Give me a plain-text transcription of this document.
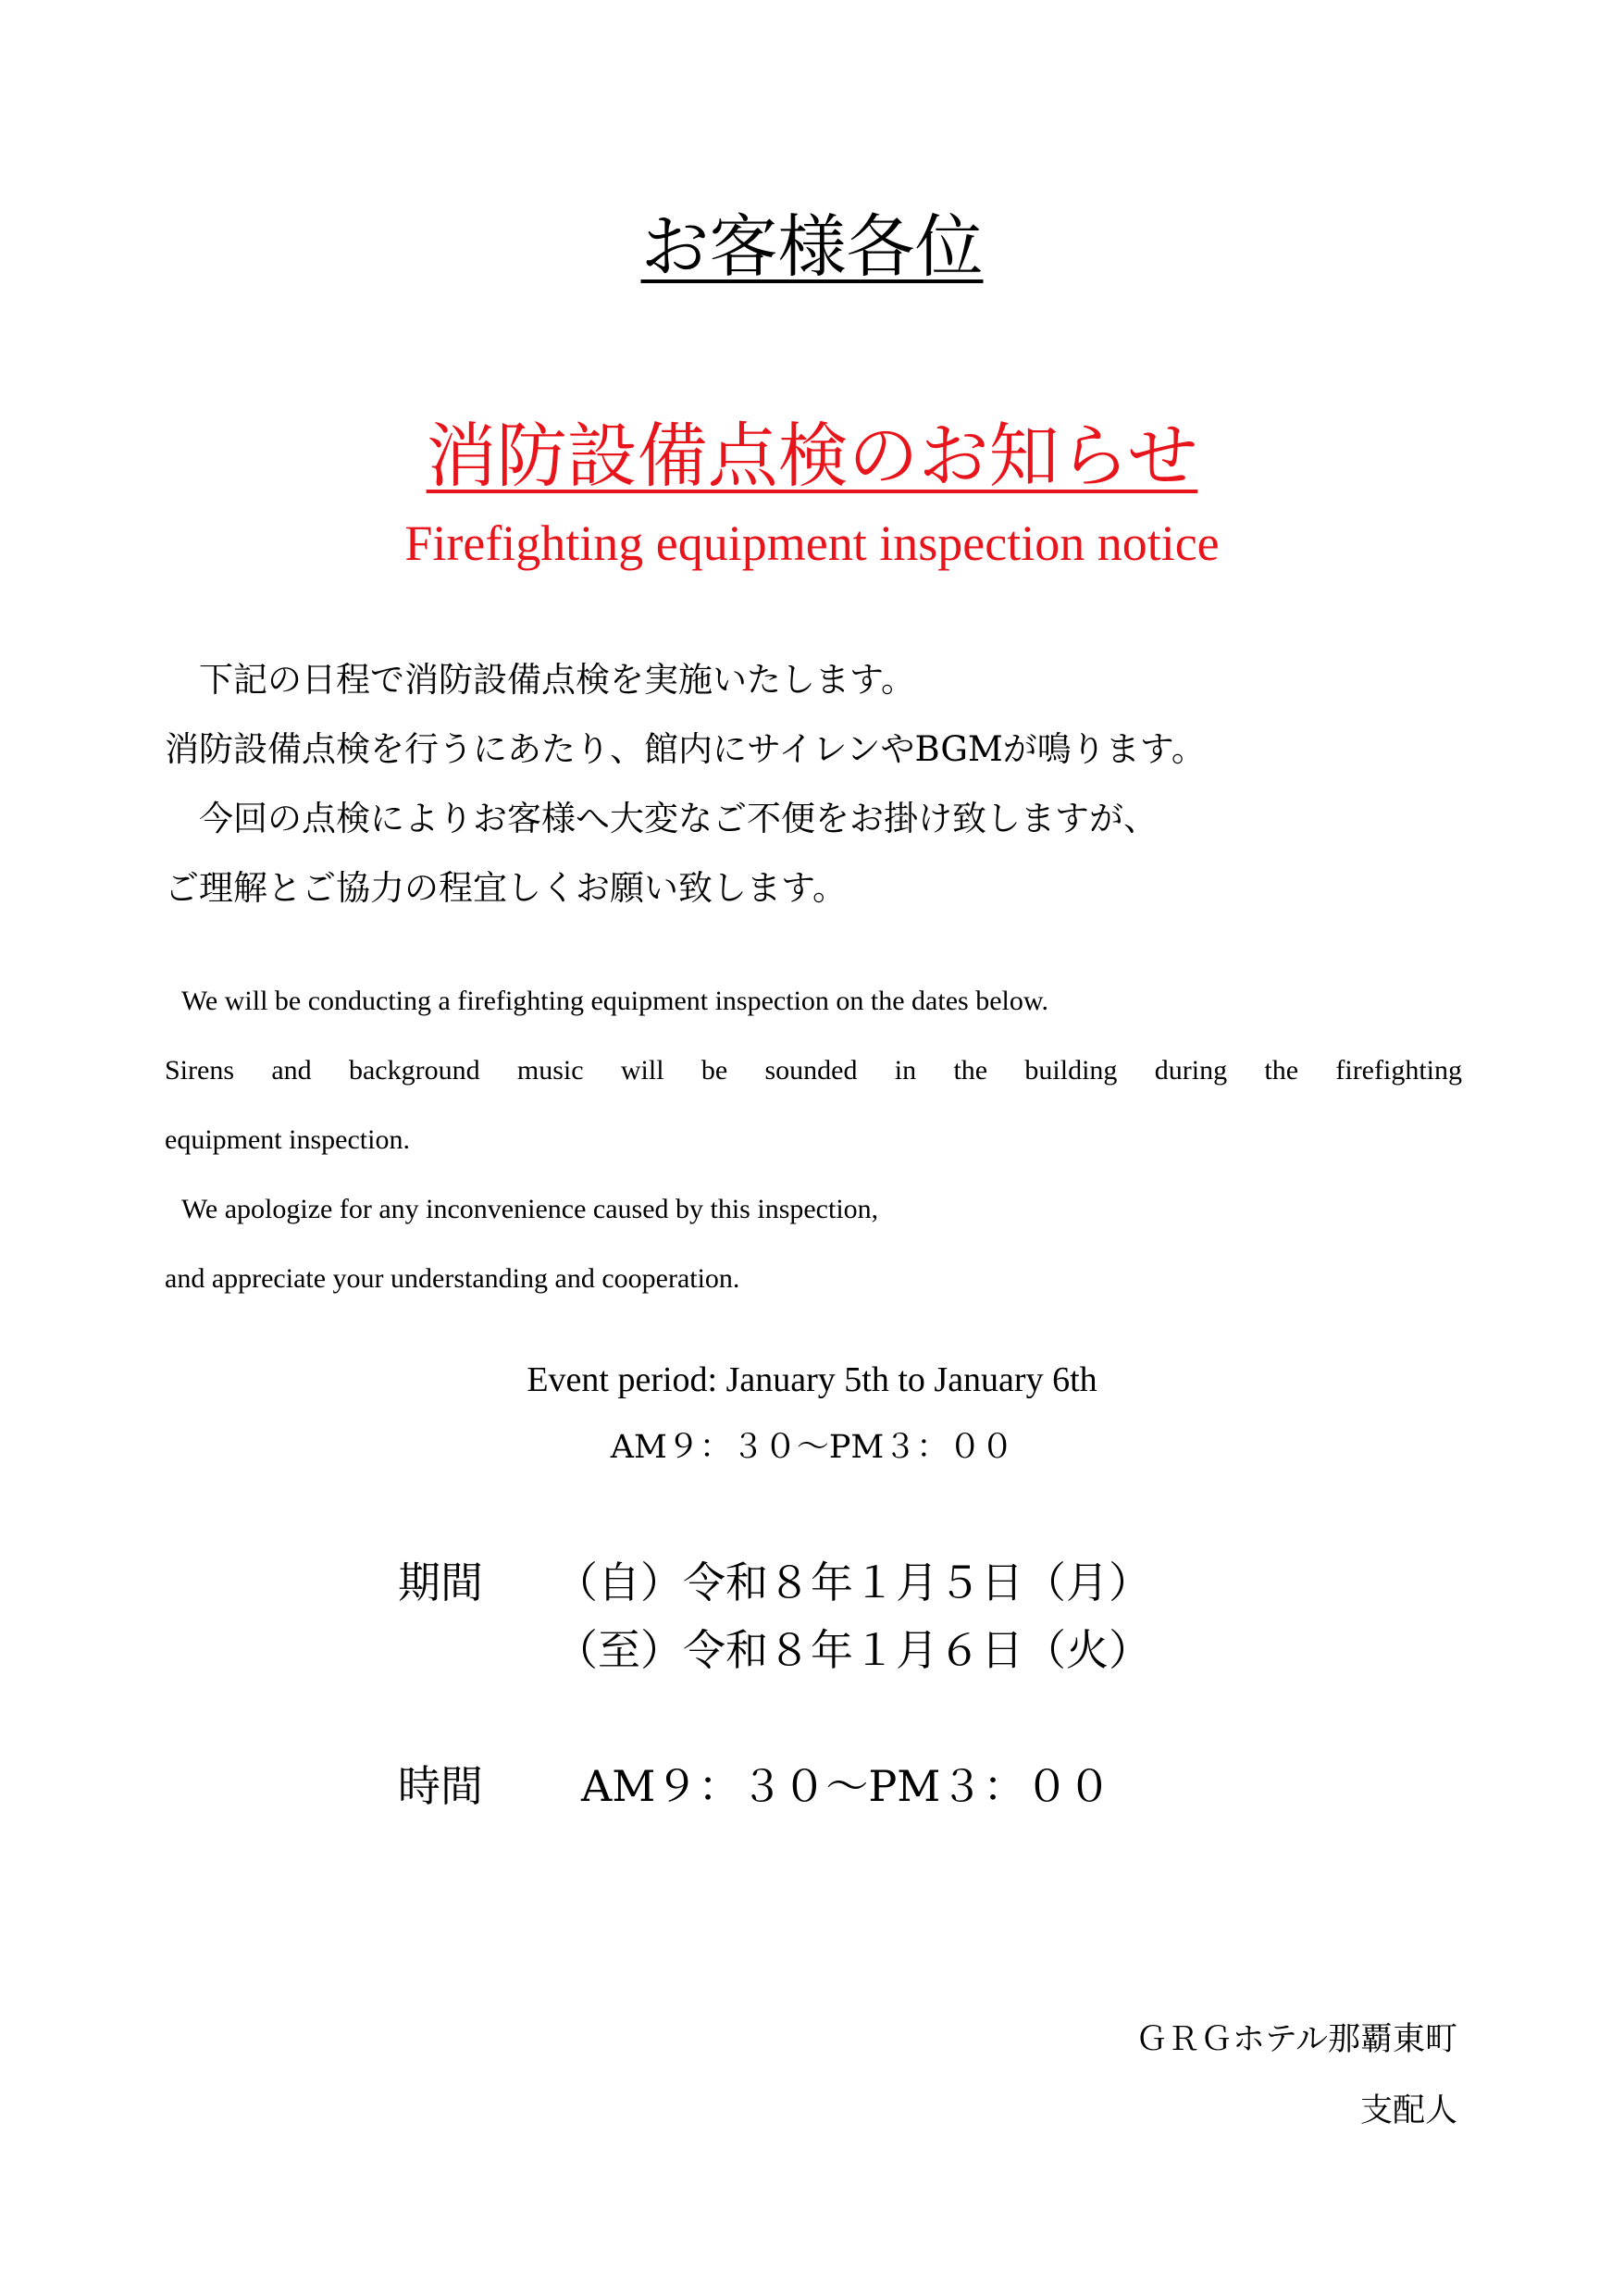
お客様各位

消防設備点検のお知らせ

Firefighting equipment inspection notice

　下記の日程で消防設備点検を実施いたします。

消防設備点検を行うにあたり、館内にサイレンやBGMが鳴ります。

　今回の点検によりお客様へ大変なご不便をお掛け致しますが、

ご理解とご協力の程宜しくお願い致します。

We will be conducting a firefighting equipment inspection on the dates below.

Sirens and background music will be sounded in the building during the firefighting

equipment inspection.

We apologize for any inconvenience caused by this inspection,

and appreciate your understanding and cooperation.

Event period: January 5th to January 6th

AM９：３０～PM３：００

期間 （自）令和８年１月５日（月）

（至）令和８年１月６日（火）

時間 AM９：３０～PM３：００

ＧＲＧホテル那覇東町

支配人
